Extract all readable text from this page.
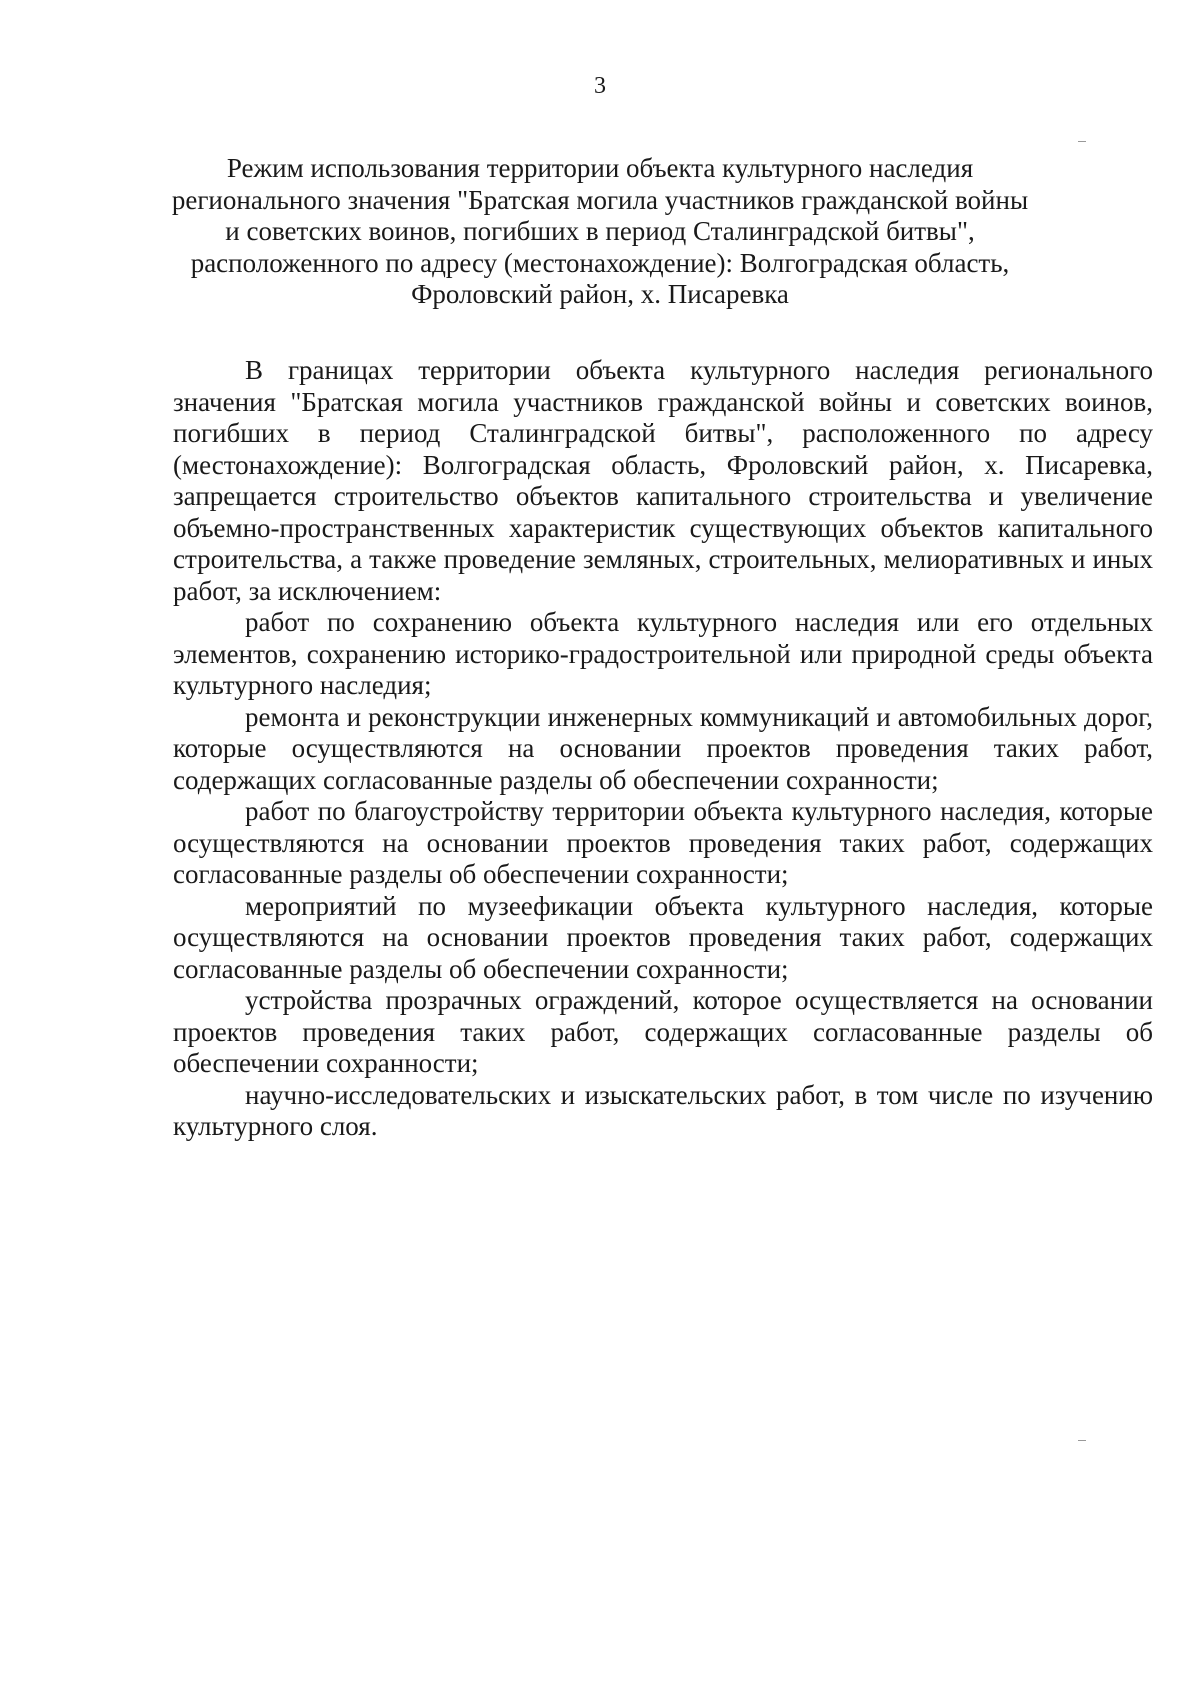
3
Режим использования территории объекта культурного наследия
регионального значения "Братская могила участников гражданской войны
и советских воинов, погибших в период Сталинградской битвы",
расположенного по адресу (местонахождение): Волгоградская область,
Фроловский район, х. Писаревка

В границах территории объекта культурного наследия регионального значения "Братская могила участников гражданской войны и советских воинов, погибших в период Сталинградской битвы", расположенного по адресу (местонахождение): Волгоградская область, Фроловский район, х. Писаревка, запрещается строительство объектов капитального строительства и увеличение объемно-пространственных характеристик существующих объектов капитального строительства, а также проведение земляных, строительных, мелиоративных и иных работ, за исключением:

работ по сохранению объекта культурного наследия или его отдельных элементов, сохранению историко-градостроительной или природной среды объекта культурного наследия;

ремонта и реконструкции инженерных коммуникаций и автомобильных дорог, которые осуществляются на основании проектов проведения таких работ, содержащих согласованные разделы об обеспечении сохранности;

работ по благоустройству территории объекта культурного наследия, которые осуществляются на основании проектов проведения таких работ, содержащих согласованные разделы об обеспечении сохранности;

мероприятий по музеефикации объекта культурного наследия, которые осуществляются на основании проектов проведения таких работ, содержащих согласованные разделы об обеспечении сохранности;

устройства прозрачных ограждений, которое осуществляется на основании проектов проведения таких работ, содержащих согласованные разделы об обеспечении сохранности;

научно-исследовательских и изыскательских работ, в том числе по изучению культурного слоя.
